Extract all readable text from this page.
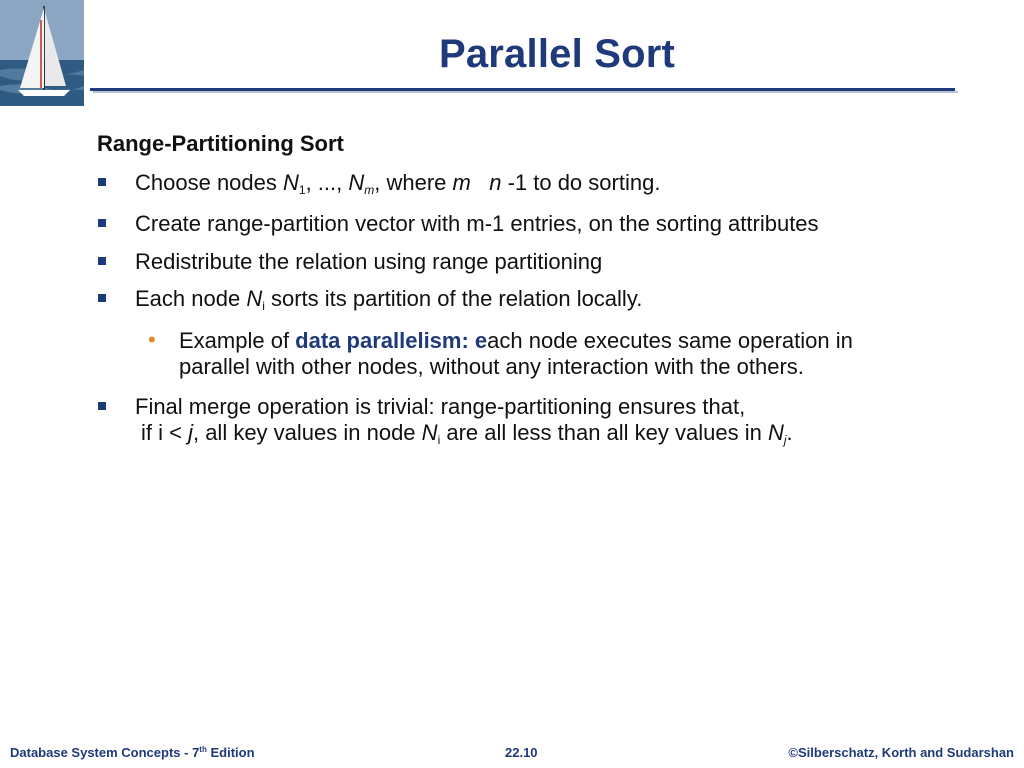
Parallel Sort
Range-Partitioning Sort
Choose nodes $N_1$, ..., $N_m$, where m n -1 to do sorting.
Create range-partition vector with m-1 entries, on the sorting attributes
Redistribute the relation using range partitioning
Each node $N_i$ sorts its partition of the relation locally.
• Example of data parallelism: each node executes same operation in
parallel with other nodes, without any interaction with the others.
Final merge operation is trivial: range-partitioning ensures that,
if i < j, all key values in node $N_i$ are all less than all key values in $N_j$.
Database System Concepts - 7th Edition	22.10	©Silberschatz, Korth and Sudarshan
